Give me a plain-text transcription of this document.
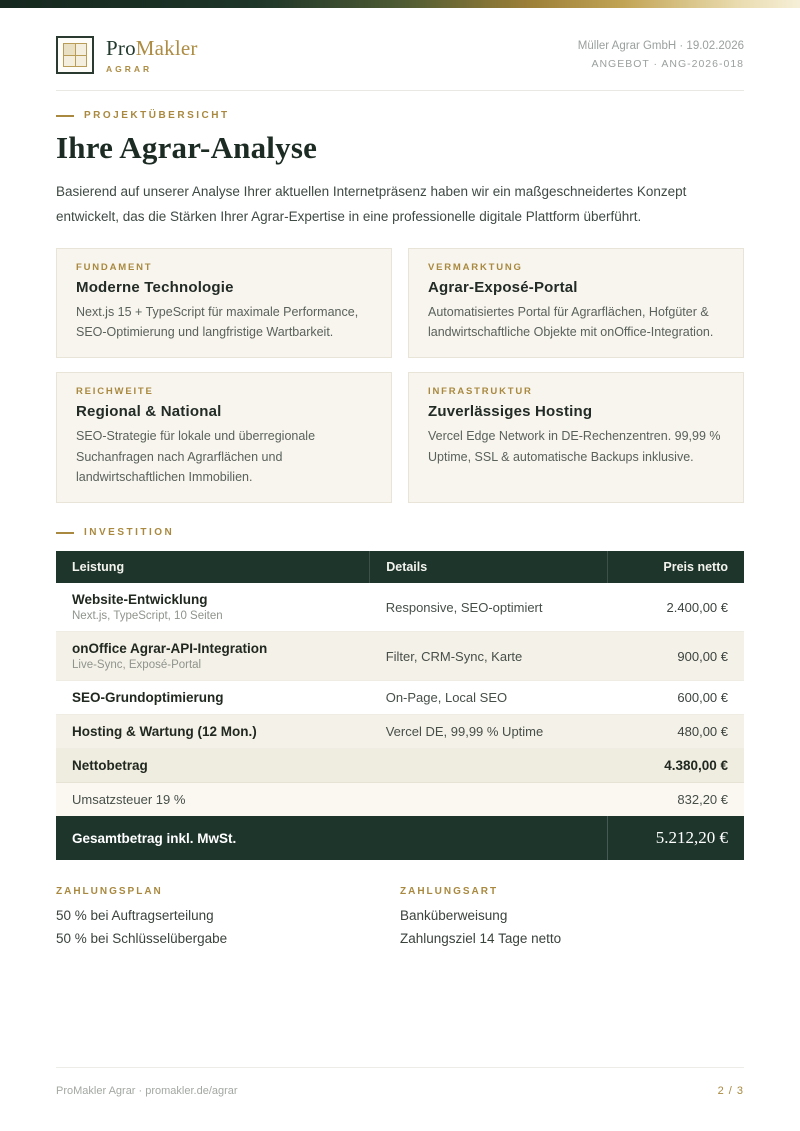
ProMakler
AGRAR
Müller Agrar GmbH · 19.02.2026
ANGEBOT · ANG-2026-018
PROJEKTÜBERSICHT
Ihre Agrar-Analyse

Basierend auf unserer Analyse Ihrer aktuellen Internetpräsenz haben wir ein maßgeschneidertes Konzept entwickelt, das die Stärken Ihrer Agrar-Expertise in eine professionelle digitale Plattform überführt.

FUNDAMENT
Moderne Technologie
Next.js 15 + TypeScript für maximale Performance, SEO-Optimierung und langfristige Wartbarkeit.
VERMARKTUNG
Agrar-Exposé-Portal
Automatisiertes Portal für Agrarflächen, Hofgüter & landwirtschaftliche Objekte mit onOffice-Integration.
REICHWEITE
Regional & National
SEO-Strategie für lokale und überregionale Suchanfragen nach Agrarflächen und landwirtschaftlichen Immobilien.
INFRASTRUKTUR
Zuverlässiges Hosting
Vercel Edge Network in DE-Rechenzentren. 99,99 % Uptime, SSL & automatische Backups inklusive.
INVESTITION
Leistung	Details	Preis netto

Website-Entwicklung
Next.js, TypeScript, 10 Seiten	Responsive, SEO-optimiert	2.400,00 €

onOffice Agrar-API-Integration
Live-Sync, Exposé-Portal	Filter, CRM-Sync, Karte	900,00 €

SEO-Grundoptimierung	On-Page, Local SEO	600,00 €

Hosting & Wartung (12 Mon.)	Vercel DE, 99,99 % Uptime	480,00 €
Nettobetrag		4.380,00 €
Umsatzsteuer 19 %		832,20 €
Gesamtbetrag inkl. MwSt.		5.212,20 €
ZAHLUNGSPLAN
50 % bei Auftragserteilung
50 % bei Schlüsselübergabe
ZAHLUNGSART
Banküberweisung
Zahlungsziel 14 Tage netto
ProMakler Agrar · promakler.de/agrar	2 / 3
